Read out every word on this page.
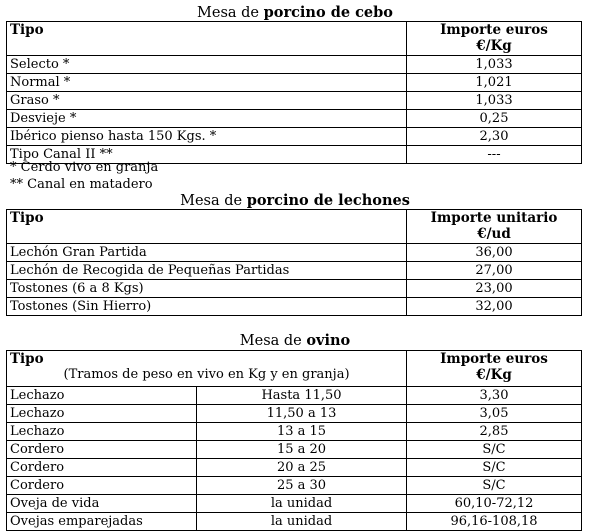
Mesa de porcino de cebo
Tipo	Importe euros
€/Kg
Selecto *	1,033
Normal *	1,021
Graso *	1,033
Desvieje *	0,25
Ibérico pienso hasta 150 Kgs. *	2,30
Tipo Canal II **	---
* Cerdo vivo en granja
** Canal en matadero
Mesa de porcino de lechones
Tipo	Importe unitario
€/ud
Lechón Gran Partida	36,00
Lechón de Recogida de Pequeñas Partidas	27,00
Tostones (6 a 8 Kgs)	23,00
Tostones (Sin Hierro)	32,00
Mesa de ovino
Tipo
(Tramos de peso en vivo en Kg y en granja)		Importe euros
€/Kg
Lechazo	Hasta 11,50	3,30
Lechazo	11,50 a 13	3,05
Lechazo	13 a 15	2,85
Cordero	15 a 20	S/C
Cordero	20 a 25	S/C
Cordero	25 a 30	S/C
Oveja de vida	la unidad	60,10-72,12
Ovejas emparejadas	la unidad	96,16-108,18
